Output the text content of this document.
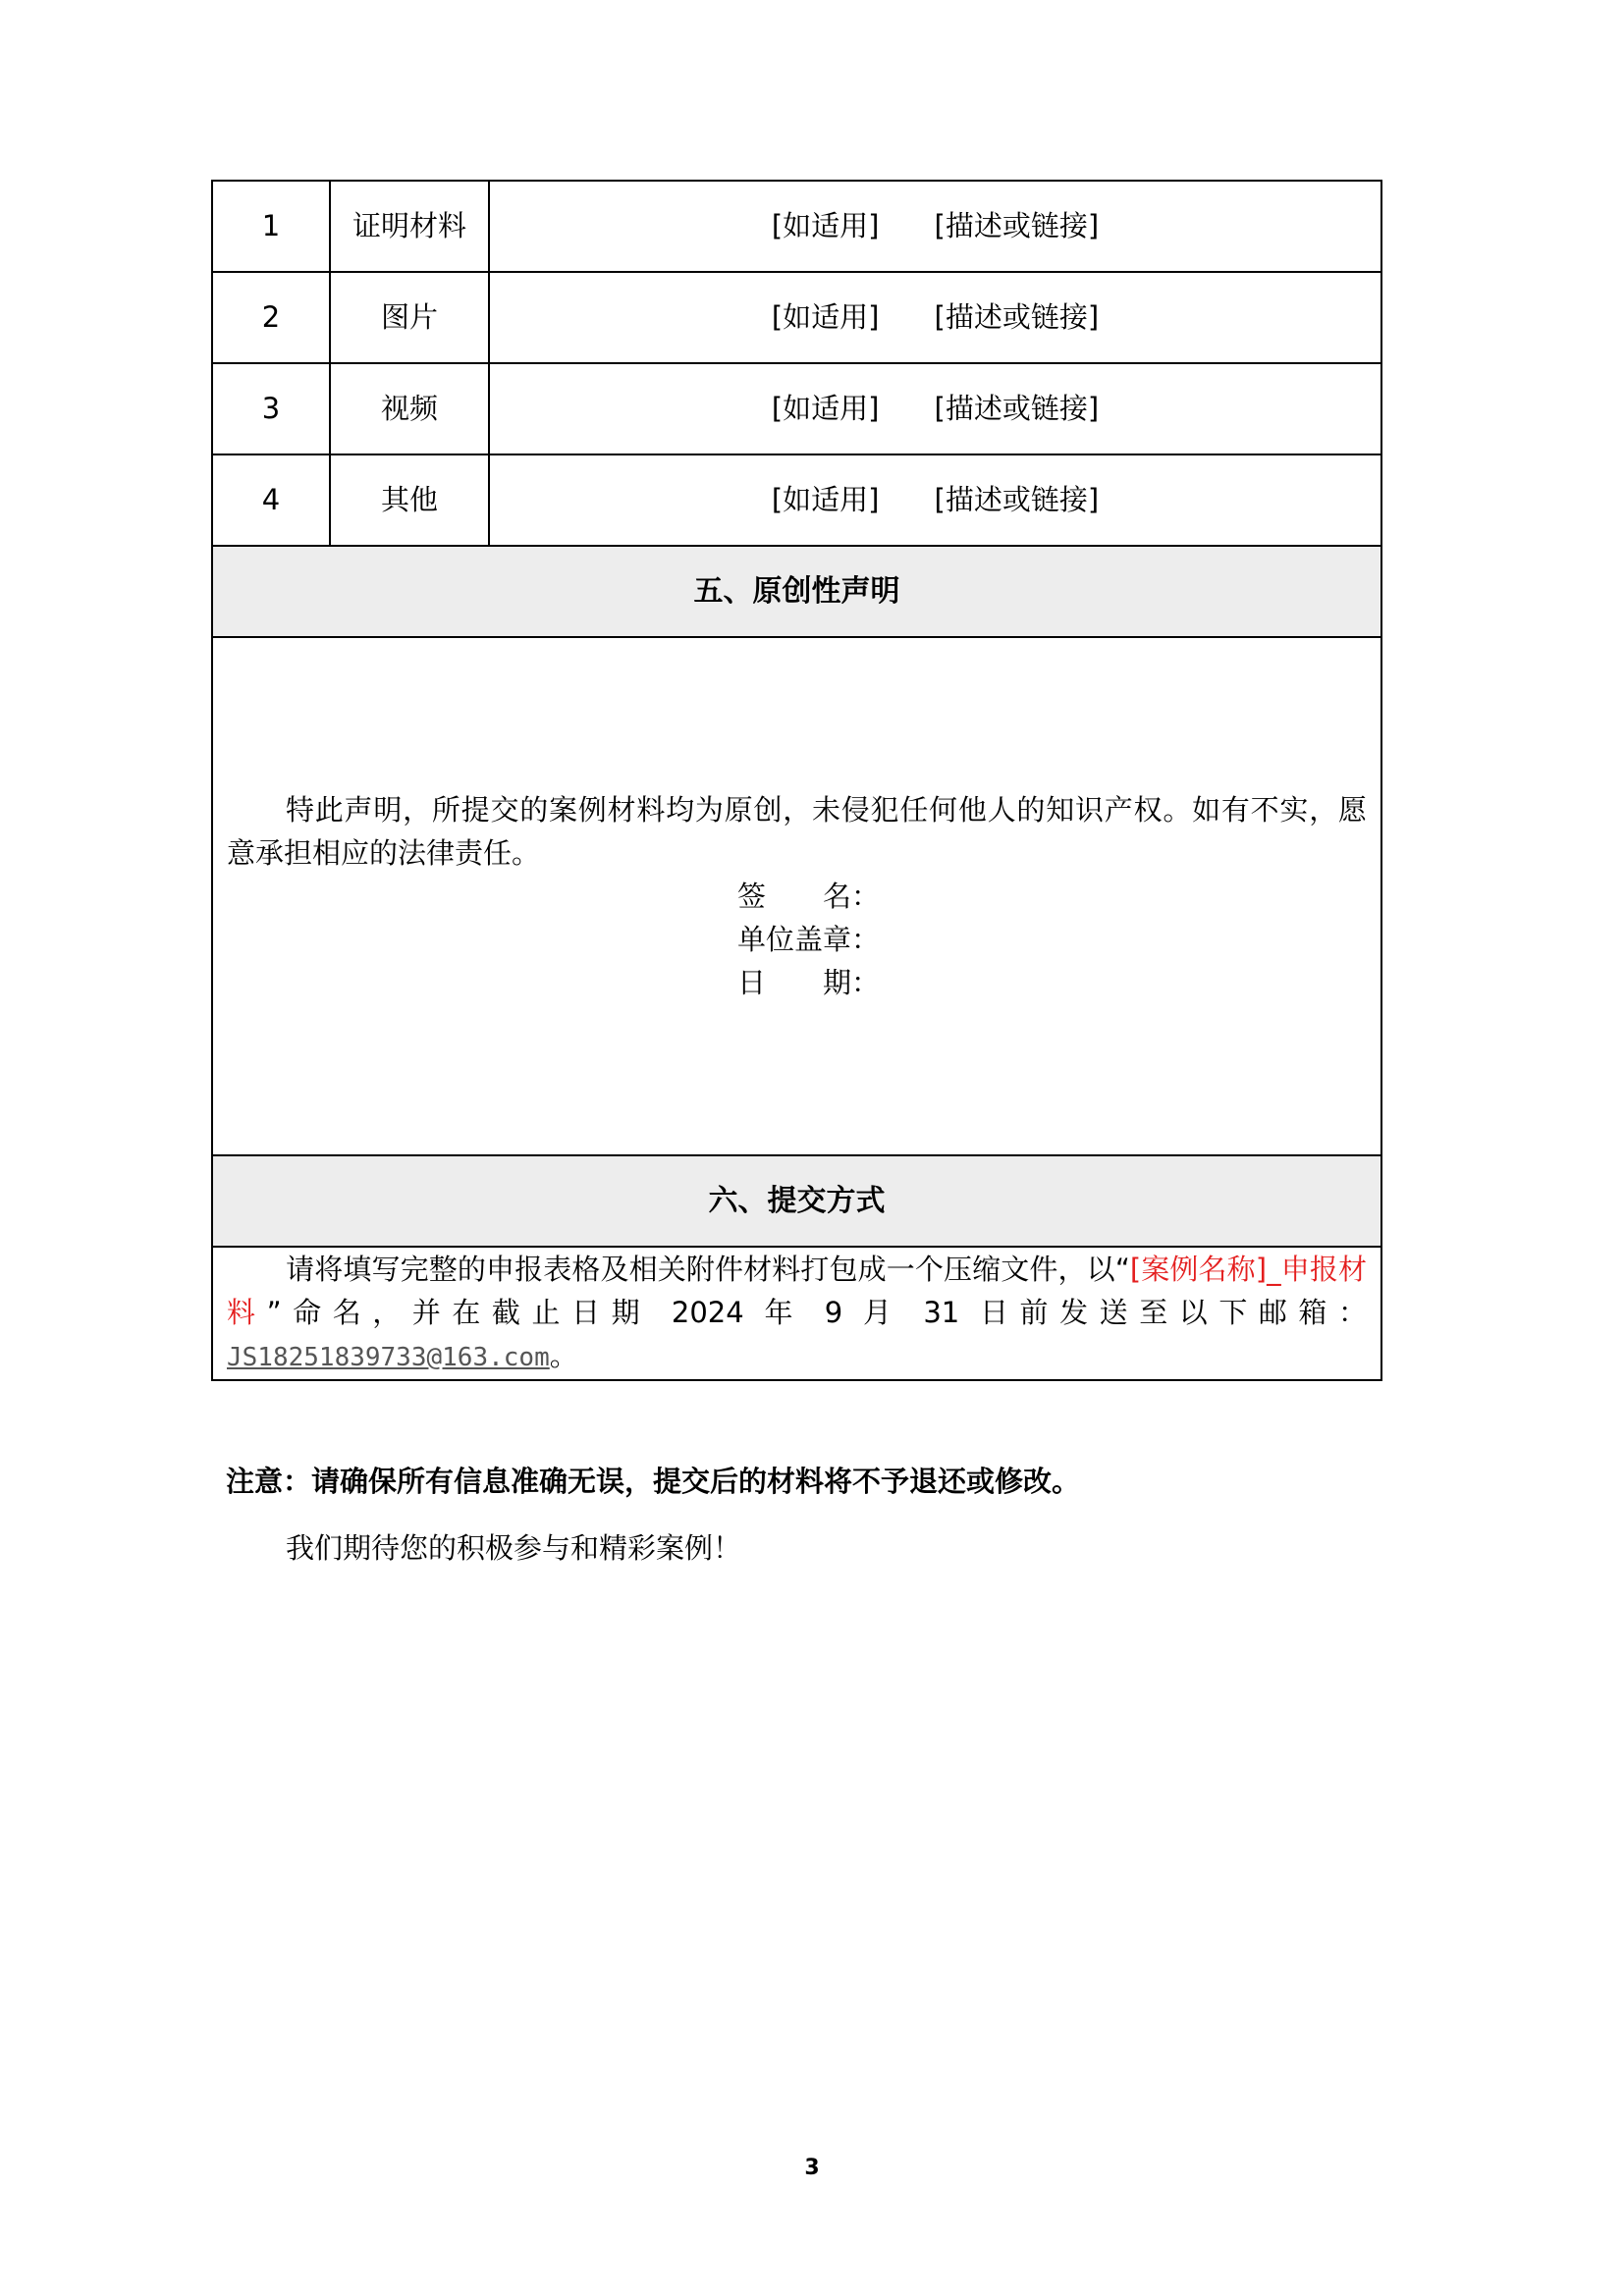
1	证明材料	[如适用] [描述或链接]
2	图片	[如适用] [描述或链接]
3	视频	[如适用] [描述或链接]
4	其他	[如适用] [描述或链接]
五、原创性声明		

特此声明，所提交的案例材料均为原创，未侵犯任何他人的知识产权。如有不实，愿意承担相应的法律责任。

签　　名：
单位盖章：
日　　期：		

六、提交方式		

请将填写完整的申报表格及相关附件材料打包成一个压缩文件，以“[案例名称]_申报材料”命名，并在截止日期 2024 年 9 月 31 日前发送至以下邮箱：JS18251839733@163.com。		
注意：请确保所有信息准确无误，提交后的材料将不予退还或修改。
我们期待您的积极参与和精彩案例！
3
